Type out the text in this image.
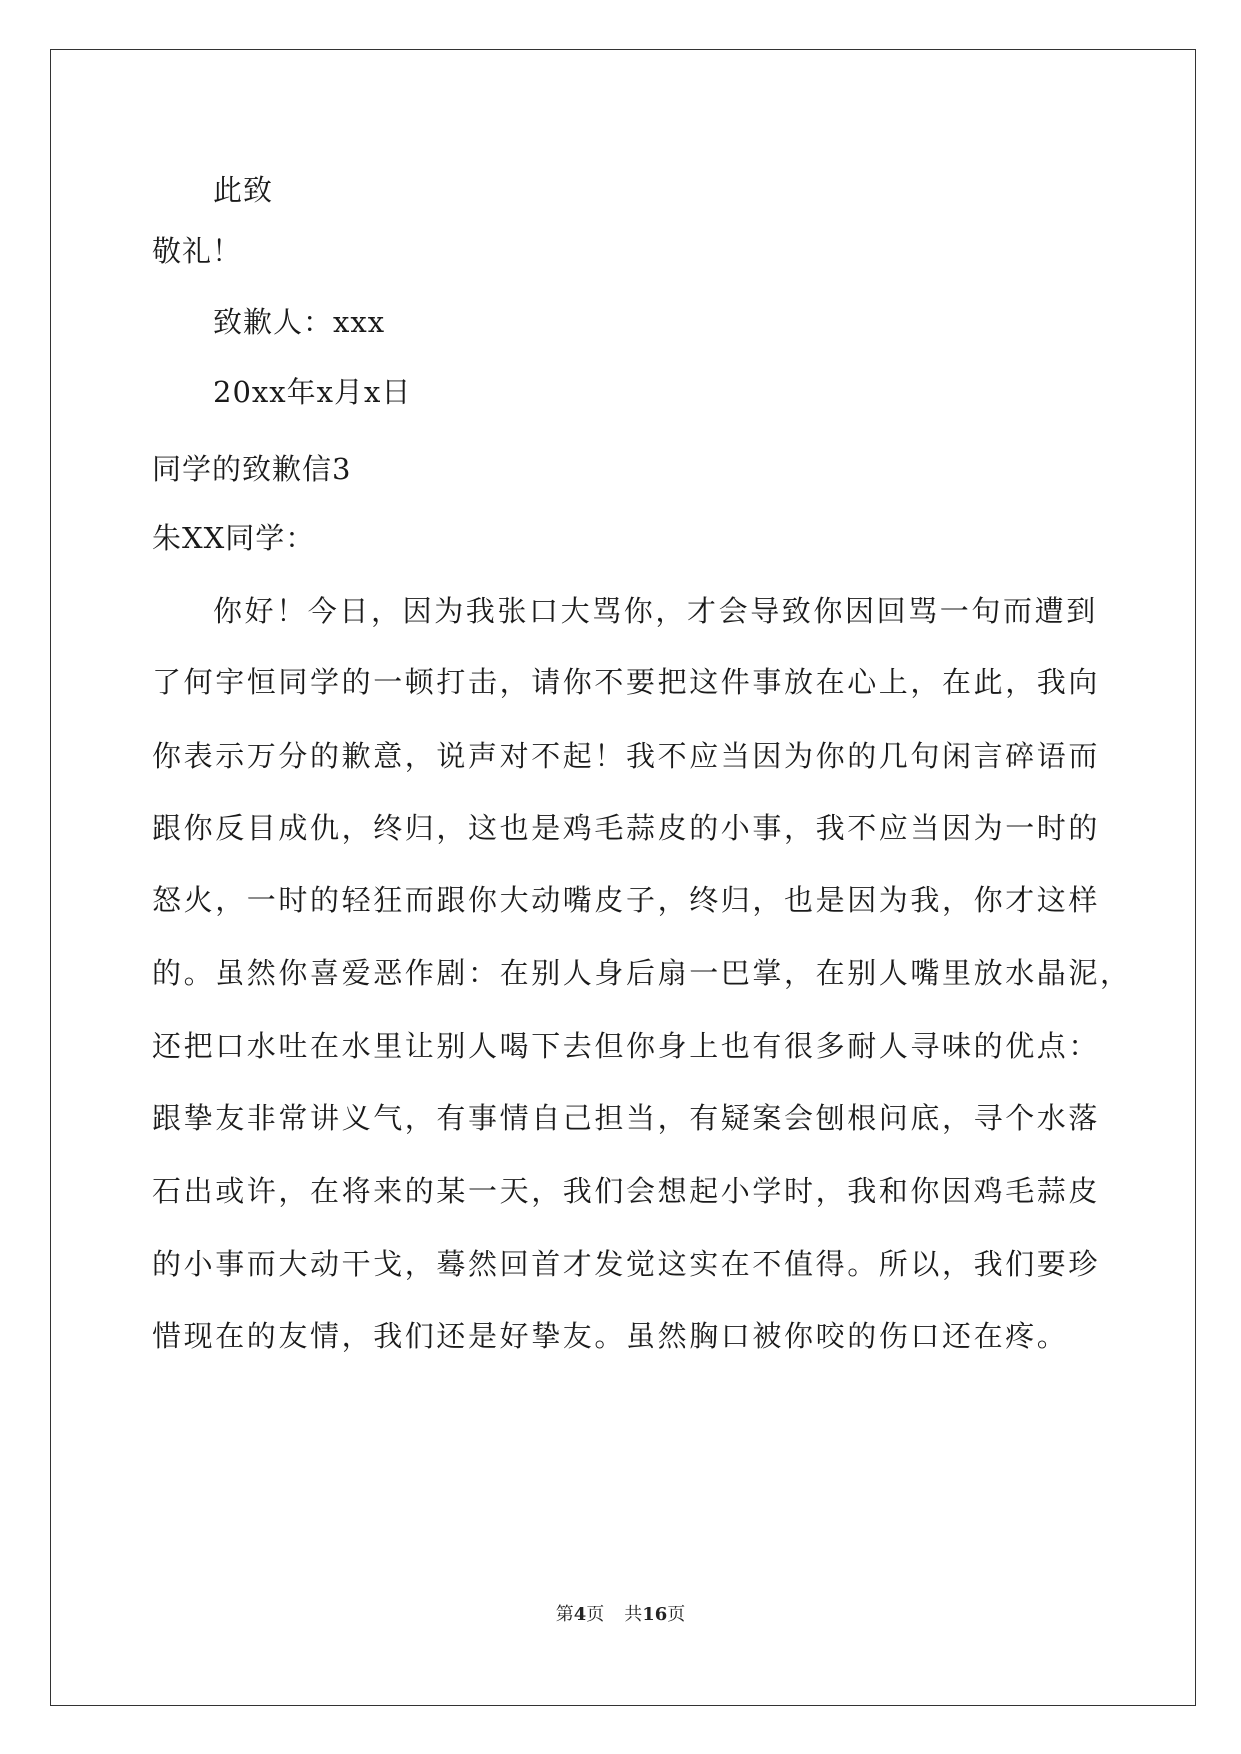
此致
敬礼！
致歉人：xxx
20xx年x月x日
同学的致歉信3
朱XX同学：
你好！今日，因为我张口大骂你，才会导致你因回骂一句而遭到
了何宇恒同学的一顿打击，请你不要把这件事放在心上，在此，我向
你表示万分的歉意，说声对不起！我不应当因为你的几句闲言碎语而
跟你反目成仇，终归，这也是鸡毛蒜皮的小事，我不应当因为一时的
怒火，一时的轻狂而跟你大动嘴皮子，终归，也是因为我，你才这样
的。虽然你喜爱恶作剧：在别人身后扇一巴掌，在别人嘴里放水晶泥，
还把口水吐在水里让别人喝下去但你身上也有很多耐人寻味的优点：
跟挚友非常讲义气，有事情自己担当，有疑案会刨根问底，寻个水落
石出或许，在将来的某一天，我们会想起小学时，我和你因鸡毛蒜皮
的小事而大动干戈，蓦然回首才发觉这实在不值得。所以，我们要珍
惜现在的友情，我们还是好挚友。虽然胸口被你咬的伤口还在疼。
第4页 共16页
